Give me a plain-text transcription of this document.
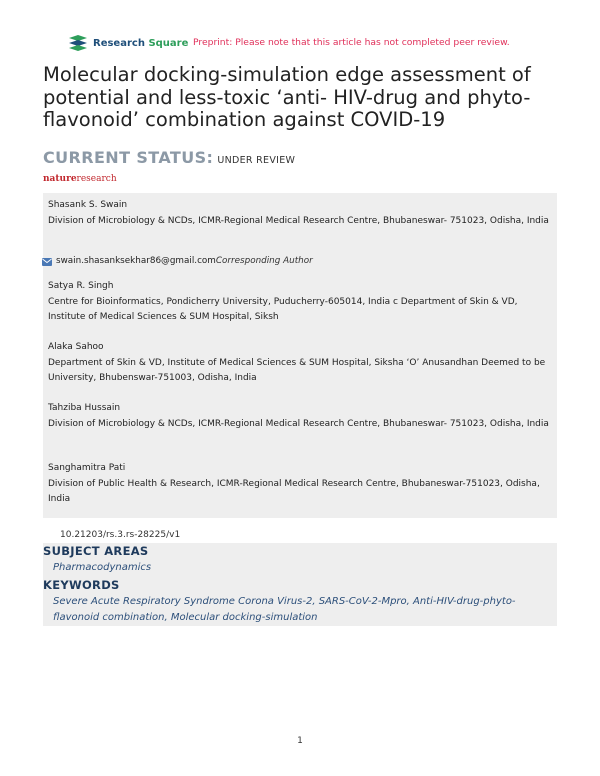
Research Square Preprint: Please note that this article has not completed peer review.
Molecular docking-simulation edge assessment of potential and less-toxic ‘anti- HIV-drug and phyto-flavonoid’ combination against COVID-19
CURRENT STATUS: UNDER REVIEW
natureresearch
Shasank S. Swain
Division of Microbiology & NCDs, ICMR-Regional Medical Research Centre, Bhubaneswar- 751023, Odisha, India
swain.shasanksekhar86@gmail.com Corresponding Author
Satya R. Singh
Centre for Bioinformatics, Pondicherry University, Puducherry-605014, India c Department of Skin & VD, Institute of Medical Sciences & SUM Hospital, Siksh
Alaka Sahoo
Department of Skin & VD, Institute of Medical Sciences & SUM Hospital, Siksha ‘O’ Anusandhan Deemed to be University, Bhubenswar-751003, Odisha, India
Tahziba Hussain
Division of Microbiology & NCDs, ICMR-Regional Medical Research Centre, Bhubaneswar- 751023, Odisha, India
Sanghamitra Pati
Division of Public Health & Research, ICMR-Regional Medical Research Centre, Bhubaneswar-751023, Odisha, India
10.21203/rs.3.rs-28225/v1
SUBJECT AREAS
Pharmacodynamics
KEYWORDS
Severe Acute Respiratory Syndrome Corona Virus-2, SARS-CoV-2-Mpro, Anti-HIV-drug-phyto-flavonoid combination, Molecular docking-simulation
1
